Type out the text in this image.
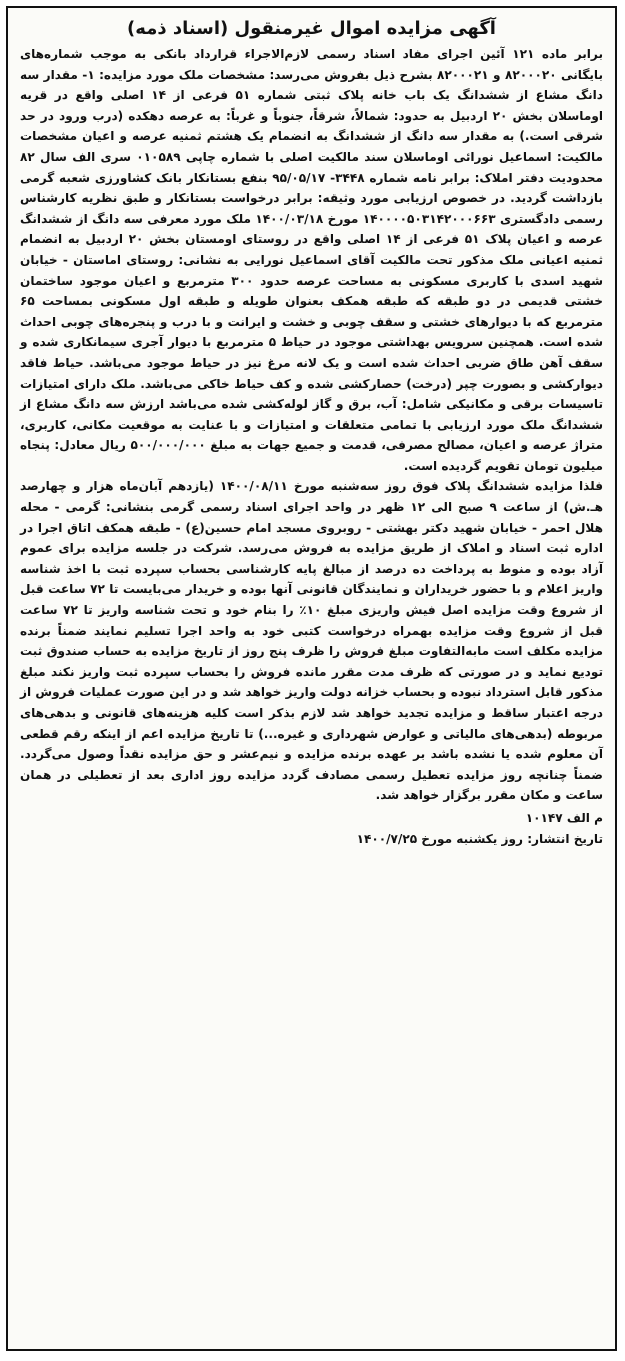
آگهی مزایده اموال غیرمنقول (اسناد ذمه)

برابر ماده ۱۲۱ آئین اجرای مفاد اسناد رسمی لازم‌الاجراء قرارداد بانکی به موجب شماره‌های بایگانی ۸۲۰۰۰۲۰ و ۸۲۰۰۰۲۱ بشرح ذیل بفروش می‌رسد: مشخصات ملک مورد مزایده: ۱- مقدار سه دانگ مشاع از ششدانگ یک باب خانه پلاک ثبتی شماره ۵۱ فرعی از ۱۴ اصلی واقع در قریه اوماسلان بخش ۲۰ اردبیل به حدود: شمالاً، شرقاً، جنوباً و غرباً: به عرصه دهکده (درب ورود در حد شرقی است.) به مقدار سه دانگ از ششدانگ به انضمام یک هشتم ثمنیه عرصه و اعیان مشخصات مالکیت: اسماعیل نورائی اوماسلان سند مالکیت اصلی با شماره چاپی ۰۱۰۵۸۹ سری الف سال ۸۲ محدودیت دفتر املاک: برابر نامه شماره ۳۴۴۸- ۹۵/۰۵/۱۷ بنفع بستانکار بانک کشاورزی شعبه گرمی بازداشت گردید. در خصوص ارزیابی مورد وثیقه: برابر درخواست بستانکار و طبق نظریه کارشناس رسمی دادگستری ۱۴۰۰۰۰۵۰۳۱۴۲۰۰۰۶۶۳ مورخ ۱۴۰۰/۰۳/۱۸ ملک مورد معرفی سه دانگ از ششدانگ عرصه و اعیان پلاک ۵۱ فرعی از ۱۴ اصلی واقع در روستای اومستان بخش ۲۰ اردبیل به انضمام ثمنیه اعیانی ملک مذکور تحت مالکیت آقای اسماعیل نورایی به نشانی: روستای اماستان - خیابان شهید اسدی با کاربری مسکونی به مساحت عرصه حدود ۳۰۰ مترمربع و اعیان موجود ساختمان خشتی قدیمی در دو طبقه که طبقه همکف بعنوان طویله و طبقه اول مسکونی بمساحت ۶۵ مترمربع که با دیوارهای خشتی و سقف چوبی و خشت و ایرانت و با درب و پنجره‌های چوبی احداث شده است. همچنین سرویس بهداشتی موجود در حیاط ۵ مترمربع با دیوار آجری سیمانکاری شده و سقف آهن طاق ضربی احداث شده است و یک لانه مرغ نیز در حیاط موجود می‌باشد. حیاط فاقد دیوارکشی و بصورت چپر (درخت) حصارکشی شده و کف حیاط خاکی می‌باشد. ملک دارای امتیازات تاسیسات برقی و مکانیکی شامل: آب، برق و گاز لوله‌کشی شده می‌باشد ارزش سه دانگ مشاع از ششدانگ ملک مورد ارزیابی با تمامی متعلقات و امتیازات و با عنایت به موقعیت مکانی، کاربری، متراژ عرصه و اعیان، مصالح مصرفی، قدمت و جمیع جهات به مبلغ ۵۰۰/۰۰۰/۰۰۰ ریال معادل: پنجاه میلیون تومان تقویم گردیده است.

فلذا مزایده ششدانگ پلاک فوق روز سه‌شنبه مورخ ۱۴۰۰/۰۸/۱۱ (یازدهم آبان‌ماه هزار و چهارصد هـ.ش) از ساعت ۹ صبح الی ۱۲ ظهر در واحد اجرای اسناد رسمی گرمی بنشانی: گرمی - محله هلال احمر - خیابان شهید دکتر بهشتی - روبروی مسجد امام حسین(ع) - طبقه همکف اتاق اجرا در اداره ثبت اسناد و املاک از طریق مزایده به فروش می‌رسد. شرکت در جلسه مزایده برای عموم آزاد بوده و منوط به پرداخت ده درصد از مبالغ پایه کارشناسی بحساب سپرده ثبت با اخذ شناسه واریز اعلام و با حضور خریداران و نمایندگان قانونی آنها بوده و خریدار می‌بایست تا ۷۲ ساعت قبل از شروع وقت مزایده اصل فیش واریزی مبلغ ۱۰٪ را بنام خود و تحت شناسه واریز تا ۷۲ ساعت قبل از شروع وقت مزایده بهمراه درخواست کتبی خود به واحد اجرا تسلیم نمایند ضمناً برنده مزایده مکلف است مابه‌التفاوت مبلغ فروش را ظرف پنج روز از تاریخ مزایده به حساب صندوق ثبت تودیع نماید و در صورتی که ظرف مدت مقرر مانده فروش را بحساب سپرده ثبت واریز نکند مبلغ مذکور قابل استرداد نبوده و بحساب خزانه دولت واریز خواهد شد و در این صورت عملیات فروش از درجه اعتبار ساقط و مزایده تجدید خواهد شد لازم بذکر است کلیه هزینه‌های قانونی و بدهی‌های مربوطه (بدهی‌های مالیاتی و عوارض شهرداری و غیره...) تا تاریخ مزایده اعم از اینکه رقم قطعی آن معلوم شده یا نشده باشد بر عهده برنده مزایده و نیم‌عشر و حق مزایده نقداً وصول می‌گردد. ضمناً چنانچه روز مزایده تعطیل رسمی مصادف گردد مزایده روز اداری بعد از تعطیلی در همان ساعت و مکان مقرر برگزار خواهد شد.

م الف ۱۰۱۴۷
تاریخ انتشار: روز یکشنبه مورخ ۱۴۰۰/۷/۲۵
